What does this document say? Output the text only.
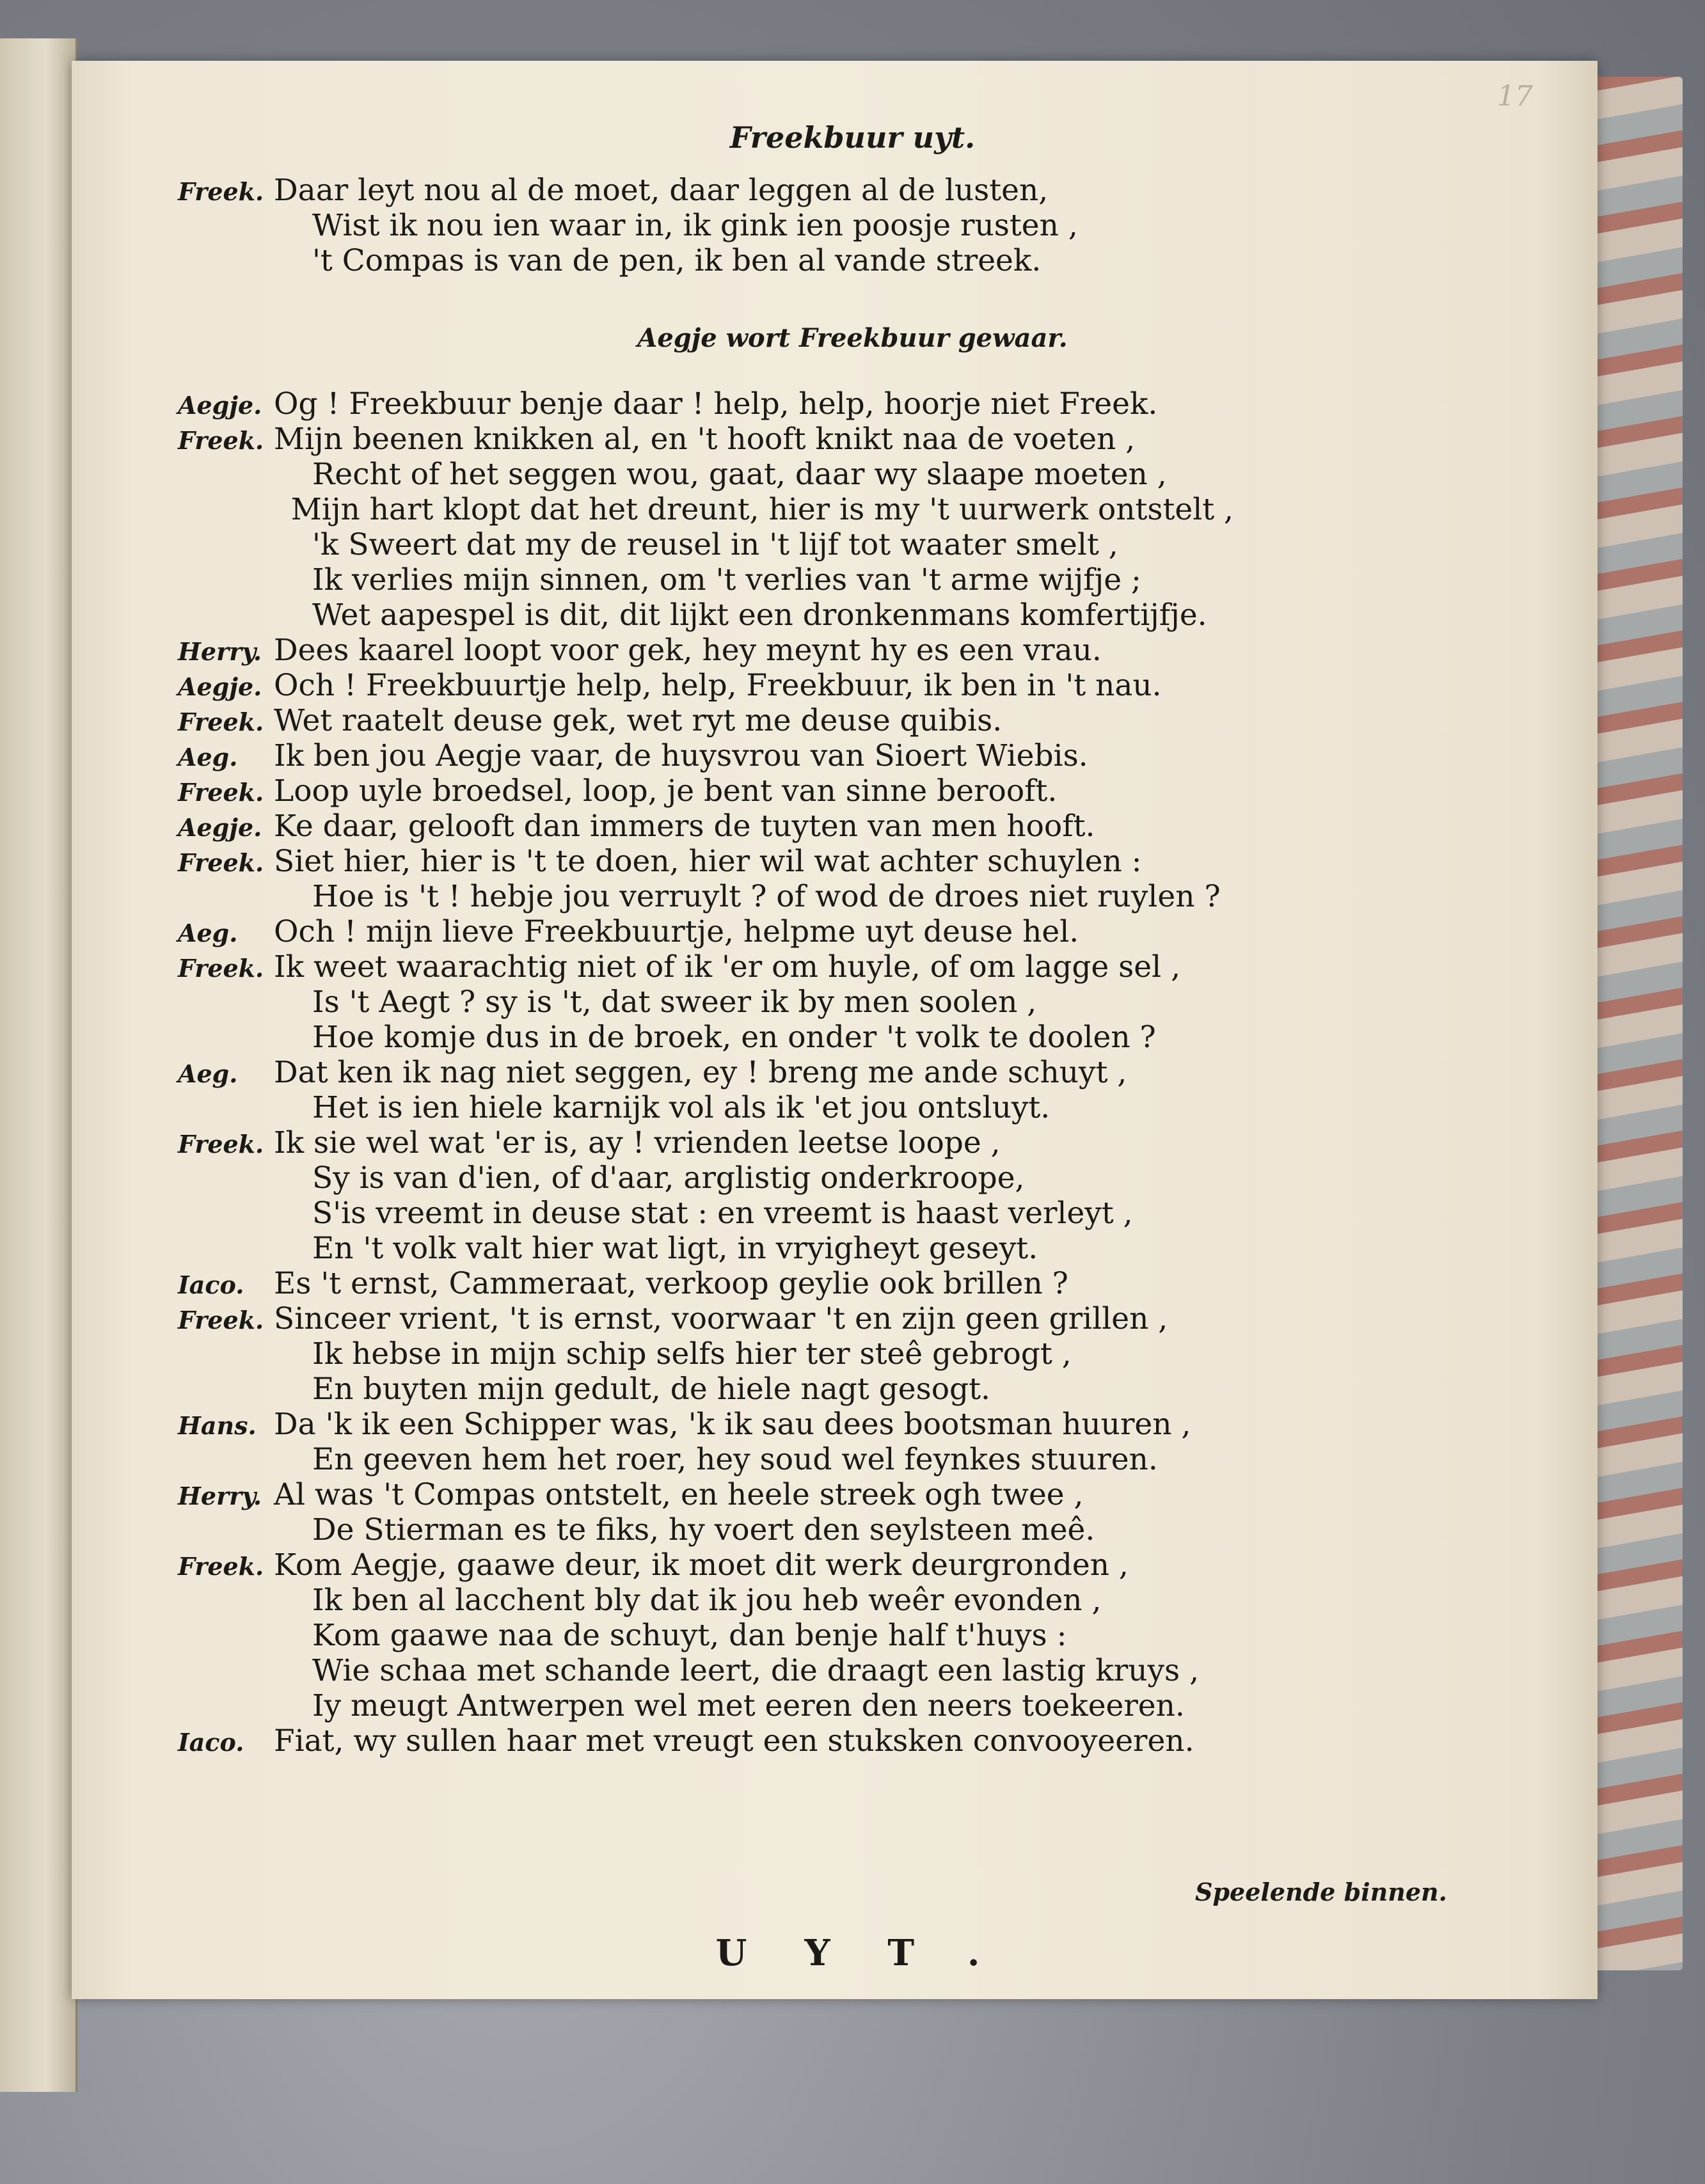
17
Freekbuur uyt.
Freek. Daar leyt nou al de moet, daar leggen al de lusten,
Wist ik nou ien waar in, ik gink ien poosje rusten ,
't Compas is van de pen, ik ben al vande streek.
Aegje wort Freekbuur gewaar.
Aegje. Og ! Freekbuur benje daar ! help, help, hoorje niet Freek.
Freek. Mijn beenen knikken al, en 't hooft knikt naa de voeten ,
Recht of het seggen wou, gaat, daar wy slaape moeten ,
Mijn hart klopt dat het dreunt, hier is my 't uurwerk ontstelt ,
'k Sweert dat my de reusel in 't lijf tot waater smelt ,
Ik verlies mijn sinnen, om 't verlies van 't arme wijfje ;
Wet aapespel is dit, dit lijkt een dronkenmans komfertijfje.
Herry. Dees kaarel loopt voor gek, hey meynt hy es een vrau.
Aegje. Och ! Freekbuurtje help, help, Freekbuur, ik ben in 't nau.
Freek. Wet raatelt deuse gek, wet ryt me deuse quibis.
Aeg.	Ik ben jou Aegje vaar, de huysvrou van Sioert Wiebis.
Freek. Loop uyle broedsel, loop, je bent van sinne berooft.
Aegje. Ke daar, gelooft dan immers de tuyten van men hooft.
Freek. Siet hier, hier is 't te doen, hier wil wat achter schuylen :
Hoe is 't ! hebje jou verruylt ? of wod de droes niet ruylen ?
Aeg.	Och ! mijn lieve Freekbuurtje, helpme uyt deuse hel.
Freek. Ik weet waarachtig niet of ik 'er om huyle, of om lagge sel ,
Is 't Aegt ? sy is 't, dat sweer ik by men soolen ,
Hoe komje dus in de broek, en onder 't volk te doolen ?
Aeg.	Dat ken ik nag niet seggen, ey ! breng me ande schuyt ,
Het is ien hiele karnijk vol als ik 'et jou ontsluyt.
Freek. Ik sie wel wat 'er is, ay ! vrienden leetse loope ,
Sy is van d'ien, of d'aar, arglistig onderkroope,
S'is vreemt in deuse stat : en vreemt is haast verleyt ,
En 't volk valt hier wat ligt, in vryigheyt geseyt.
Iaco. Es 't ernst, Cammeraat, verkoop geylie ook brillen ?
Freek. Sinceer vrient, 't is ernst, voorwaar 't en zijn geen grillen ,
Ik hebse in mijn schip selfs hier ter steê gebrogt ,
En buyten mijn gedult, de hiele nagt gesogt.
Hans. Da 'k ik een Schipper was, 'k ik sau dees bootsman huuren ,
En geeven hem het roer, hey soud wel feynkes stuuren.
Herry. Al was 't Compas ontstelt, en heele streek ogh twee ,
De Stierman es te fiks, hy voert den seylsteen meê.
Freek. Kom Aegje, gaawe deur, ik moet dit werk deurgronden ,
Ik ben al lacchent bly dat ik jou heb weêr evonden ,
Kom gaawe naa de schuyt, dan benje half t'huys :
Wie schaa met schande leert, die draagt een lastig kruys ,
Iy meugt Antwerpen wel met eeren den neers toekeeren.
Iaco. Fiat, wy sullen haar met vreugt een stuksken convooyeeren.
Speelende binnen.
UYT.
